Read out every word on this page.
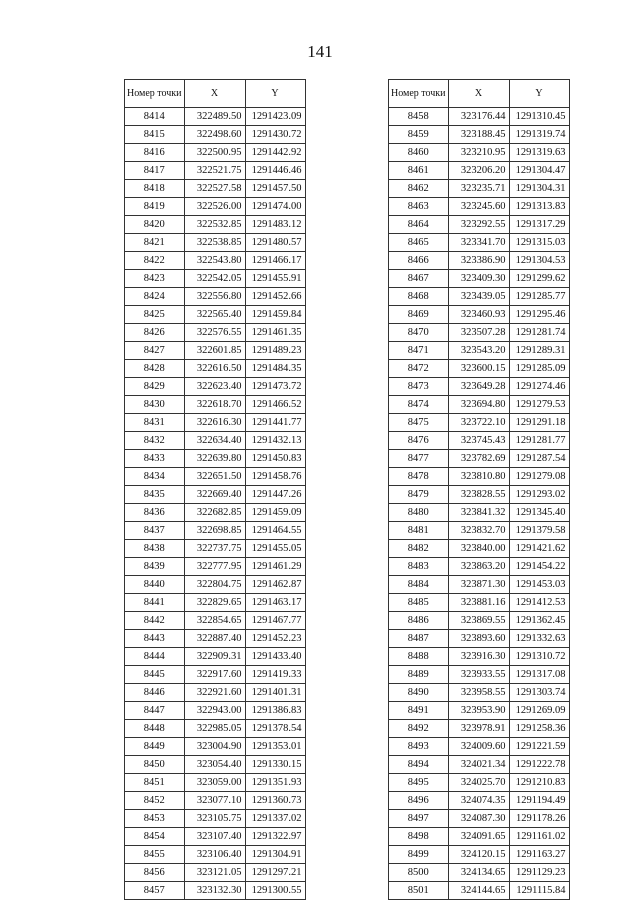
141
Номер точки	X	Y
8414	322489.50	1291423.09
8415	322498.60	1291430.72
8416	322500.95	1291442.92
8417	322521.75	1291446.46
8418	322527.58	1291457.50
8419	322526.00	1291474.00
8420	322532.85	1291483.12
8421	322538.85	1291480.57
8422	322543.80	1291466.17
8423	322542.05	1291455.91
8424	322556.80	1291452.66
8425	322565.40	1291459.84
8426	322576.55	1291461.35
8427	322601.85	1291489.23
8428	322616.50	1291484.35
8429	322623.40	1291473.72
8430	322618.70	1291466.52
8431	322616.30	1291441.77
8432	322634.40	1291432.13
8433	322639.80	1291450.83
8434	322651.50	1291458.76
8435	322669.40	1291447.26
8436	322682.85	1291459.09
8437	322698.85	1291464.55
8438	322737.75	1291455.05
8439	322777.95	1291461.29
8440	322804.75	1291462.87
8441	322829.65	1291463.17
8442	322854.65	1291467.77
8443	322887.40	1291452.23
8444	322909.31	1291433.40
8445	322917.60	1291419.33
8446	322921.60	1291401.31
8447	322943.00	1291386.83
8448	322985.05	1291378.54
8449	323004.90	1291353.01
8450	323054.40	1291330.15
8451	323059.00	1291351.93
8452	323077.10	1291360.73
8453	323105.75	1291337.02
8454	323107.40	1291322.97
8455	323106.40	1291304.91
8456	323121.05	1291297.21
8457	323132.30	1291300.55
Номер точки	X	Y
8458	323176.44	1291310.45
8459	323188.45	1291319.74
8460	323210.95	1291319.63
8461	323206.20	1291304.47
8462	323235.71	1291304.31
8463	323245.60	1291313.83
8464	323292.55	1291317.29
8465	323341.70	1291315.03
8466	323386.90	1291304.53
8467	323409.30	1291299.62
8468	323439.05	1291285.77
8469	323460.93	1291295.46
8470	323507.28	1291281.74
8471	323543.20	1291289.31
8472	323600.15	1291285.09
8473	323649.28	1291274.46
8474	323694.80	1291279.53
8475	323722.10	1291291.18
8476	323745.43	1291281.77
8477	323782.69	1291287.54
8478	323810.80	1291279.08
8479	323828.55	1291293.02
8480	323841.32	1291345.40
8481	323832.70	1291379.58
8482	323840.00	1291421.62
8483	323863.20	1291454.22
8484	323871.30	1291453.03
8485	323881.16	1291412.53
8486	323869.55	1291362.45
8487	323893.60	1291332.63
8488	323916.30	1291310.72
8489	323933.55	1291317.08
8490	323958.55	1291303.74
8491	323953.90	1291269.09
8492	323978.91	1291258.36
8493	324009.60	1291221.59
8494	324021.34	1291222.78
8495	324025.70	1291210.83
8496	324074.35	1291194.49
8497	324087.30	1291178.26
8498	324091.65	1291161.02
8499	324120.15	1291163.27
8500	324134.65	1291129.23
8501	324144.65	1291115.84
